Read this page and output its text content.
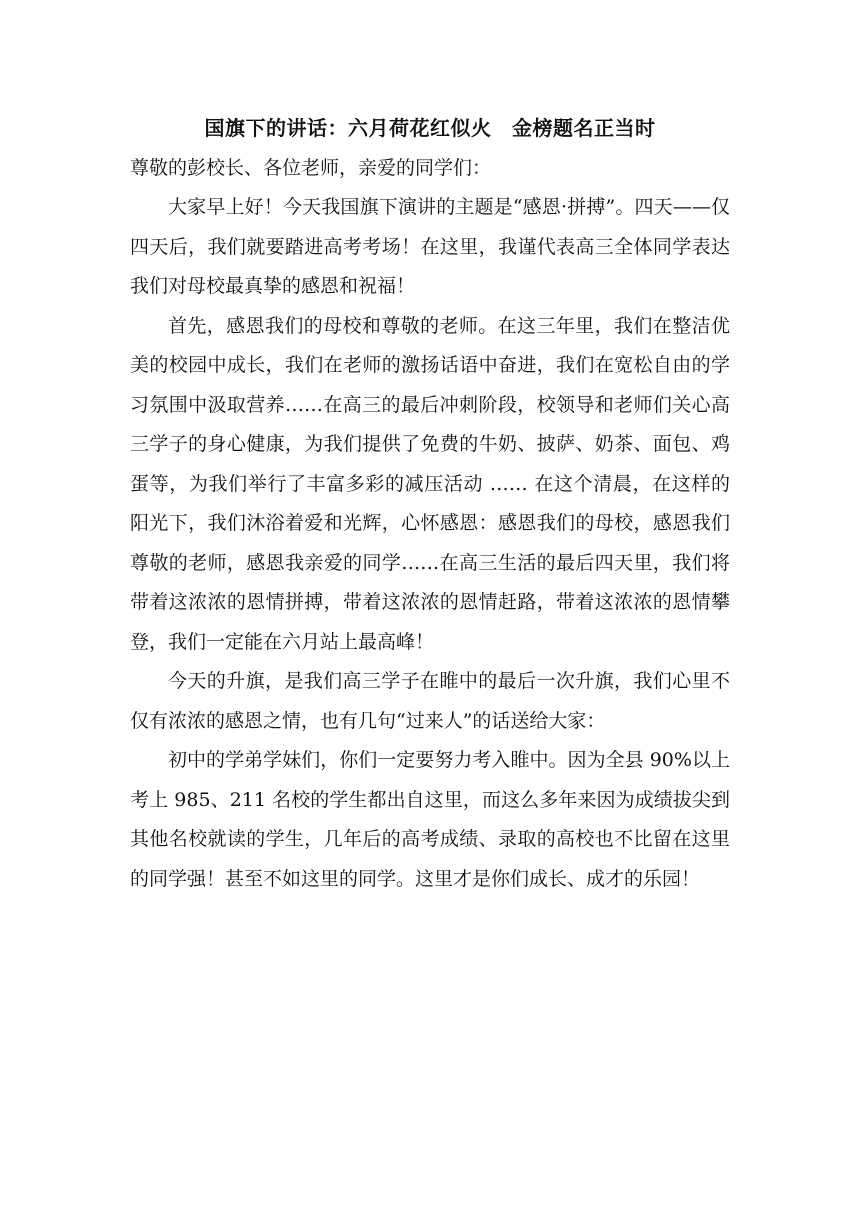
国旗下的讲话：六月荷花红似火　金榜题名正当时

尊敬的彭校长、各位老师，亲爱的同学们：

大家早上好！今天我国旗下演讲的主题是“感恩·拼搏”。四天——仅四天后，我们就要踏进高考考场！在这里，我谨代表高三全体同学表达我们对母校最真挚的感恩和祝福！

首先，感恩我们的母校和尊敬的老师。在这三年里，我们在整洁优美的校园中成长，我们在老师的激扬话语中奋进，我们在宽松自由的学习氛围中汲取营养……在高三的最后冲刺阶段，校领导和老师们关心高三学子的身心健康，为我们提供了免费的牛奶、披萨、奶茶、面包、鸡蛋等，为我们举行了丰富多彩的减压活动 …… 在这个清晨，在这样的阳光下，我们沐浴着爱和光辉，心怀感恩：感恩我们的母校，感恩我们尊敬的老师，感恩我亲爱的同学……在高三生活的最后四天里，我们将带着这浓浓的恩情拼搏，带着这浓浓的恩情赶路，带着这浓浓的恩情攀登，我们一定能在六月站上最高峰！

今天的升旗，是我们高三学子在睢中的最后一次升旗，我们心里不仅有浓浓的感恩之情，也有几句“过来人”的话送给大家：

初中的学弟学妹们，你们一定要努力考入睢中。因为全县 90%以上考上 985、211 名校的学生都出自这里，而这么多年来因为成绩拔尖到其他名校就读的学生，几年后的高考成绩、录取的高校也不比留在这里的同学强！甚至不如这里的同学。这里才是你们成长、成才的乐园！
